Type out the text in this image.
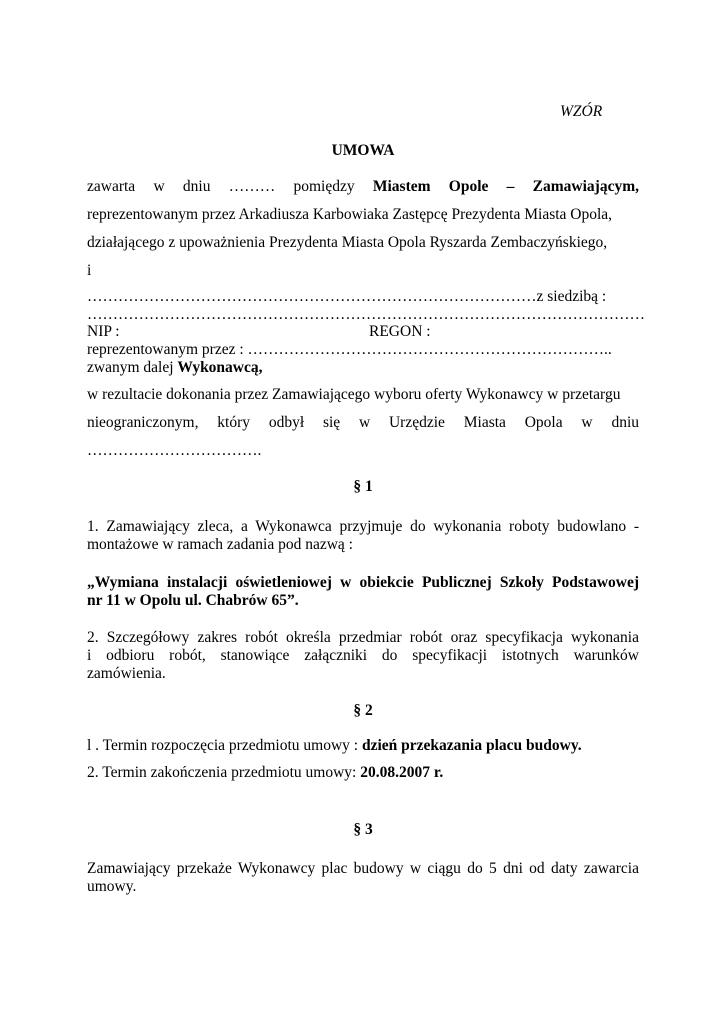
WZÓR
UMOWA
zawarta w dniu ……… pomiędzy Miastem Opole – Zamawiającym,
reprezentowanym przez Arkadiusza Karbowiaka Zastępcę Prezydenta Miasta Opola,
działającego z upoważnienia Prezydenta Miasta Opola Ryszarda Zembaczyńskiego,
i
……………………………………………………………………………z siedzibą :
………………………………………………………………………………………………
NIP :	REGON :
reprezentowanym przez : ……………………………………………………………..
zwanym dalej Wykonawcą,
w rezultacie dokonania przez Zamawiającego wyboru oferty Wykonawcy w przetargu
nieograniczonym, który odbył się w Urzędzie Miasta Opola w dniu
…………………………….
§ 1
1. Zamawiający zleca, a Wykonawca przyjmuje do wykonania roboty budowlano -
montażowe w ramach zadania pod nazwą :
„Wymiana instalacji oświetleniowej w obiekcie Publicznej Szkoły Podstawowej
nr 11 w Opolu ul. Chabrów 65”.
2. Szczegółowy zakres robót określa przedmiar robót oraz specyfikacja wykonania
i odbioru robót, stanowiące załączniki do specyfikacji istotnych warunków
zamówienia.
§ 2
l . Termin rozpoczęcia przedmiotu umowy : dzień przekazania placu budowy.
2. Termin zakończenia przedmiotu umowy: 20.08.2007 r.
§ 3
Zamawiający przekaże Wykonawcy plac budowy w ciągu do 5 dni od daty zawarcia
umowy.
